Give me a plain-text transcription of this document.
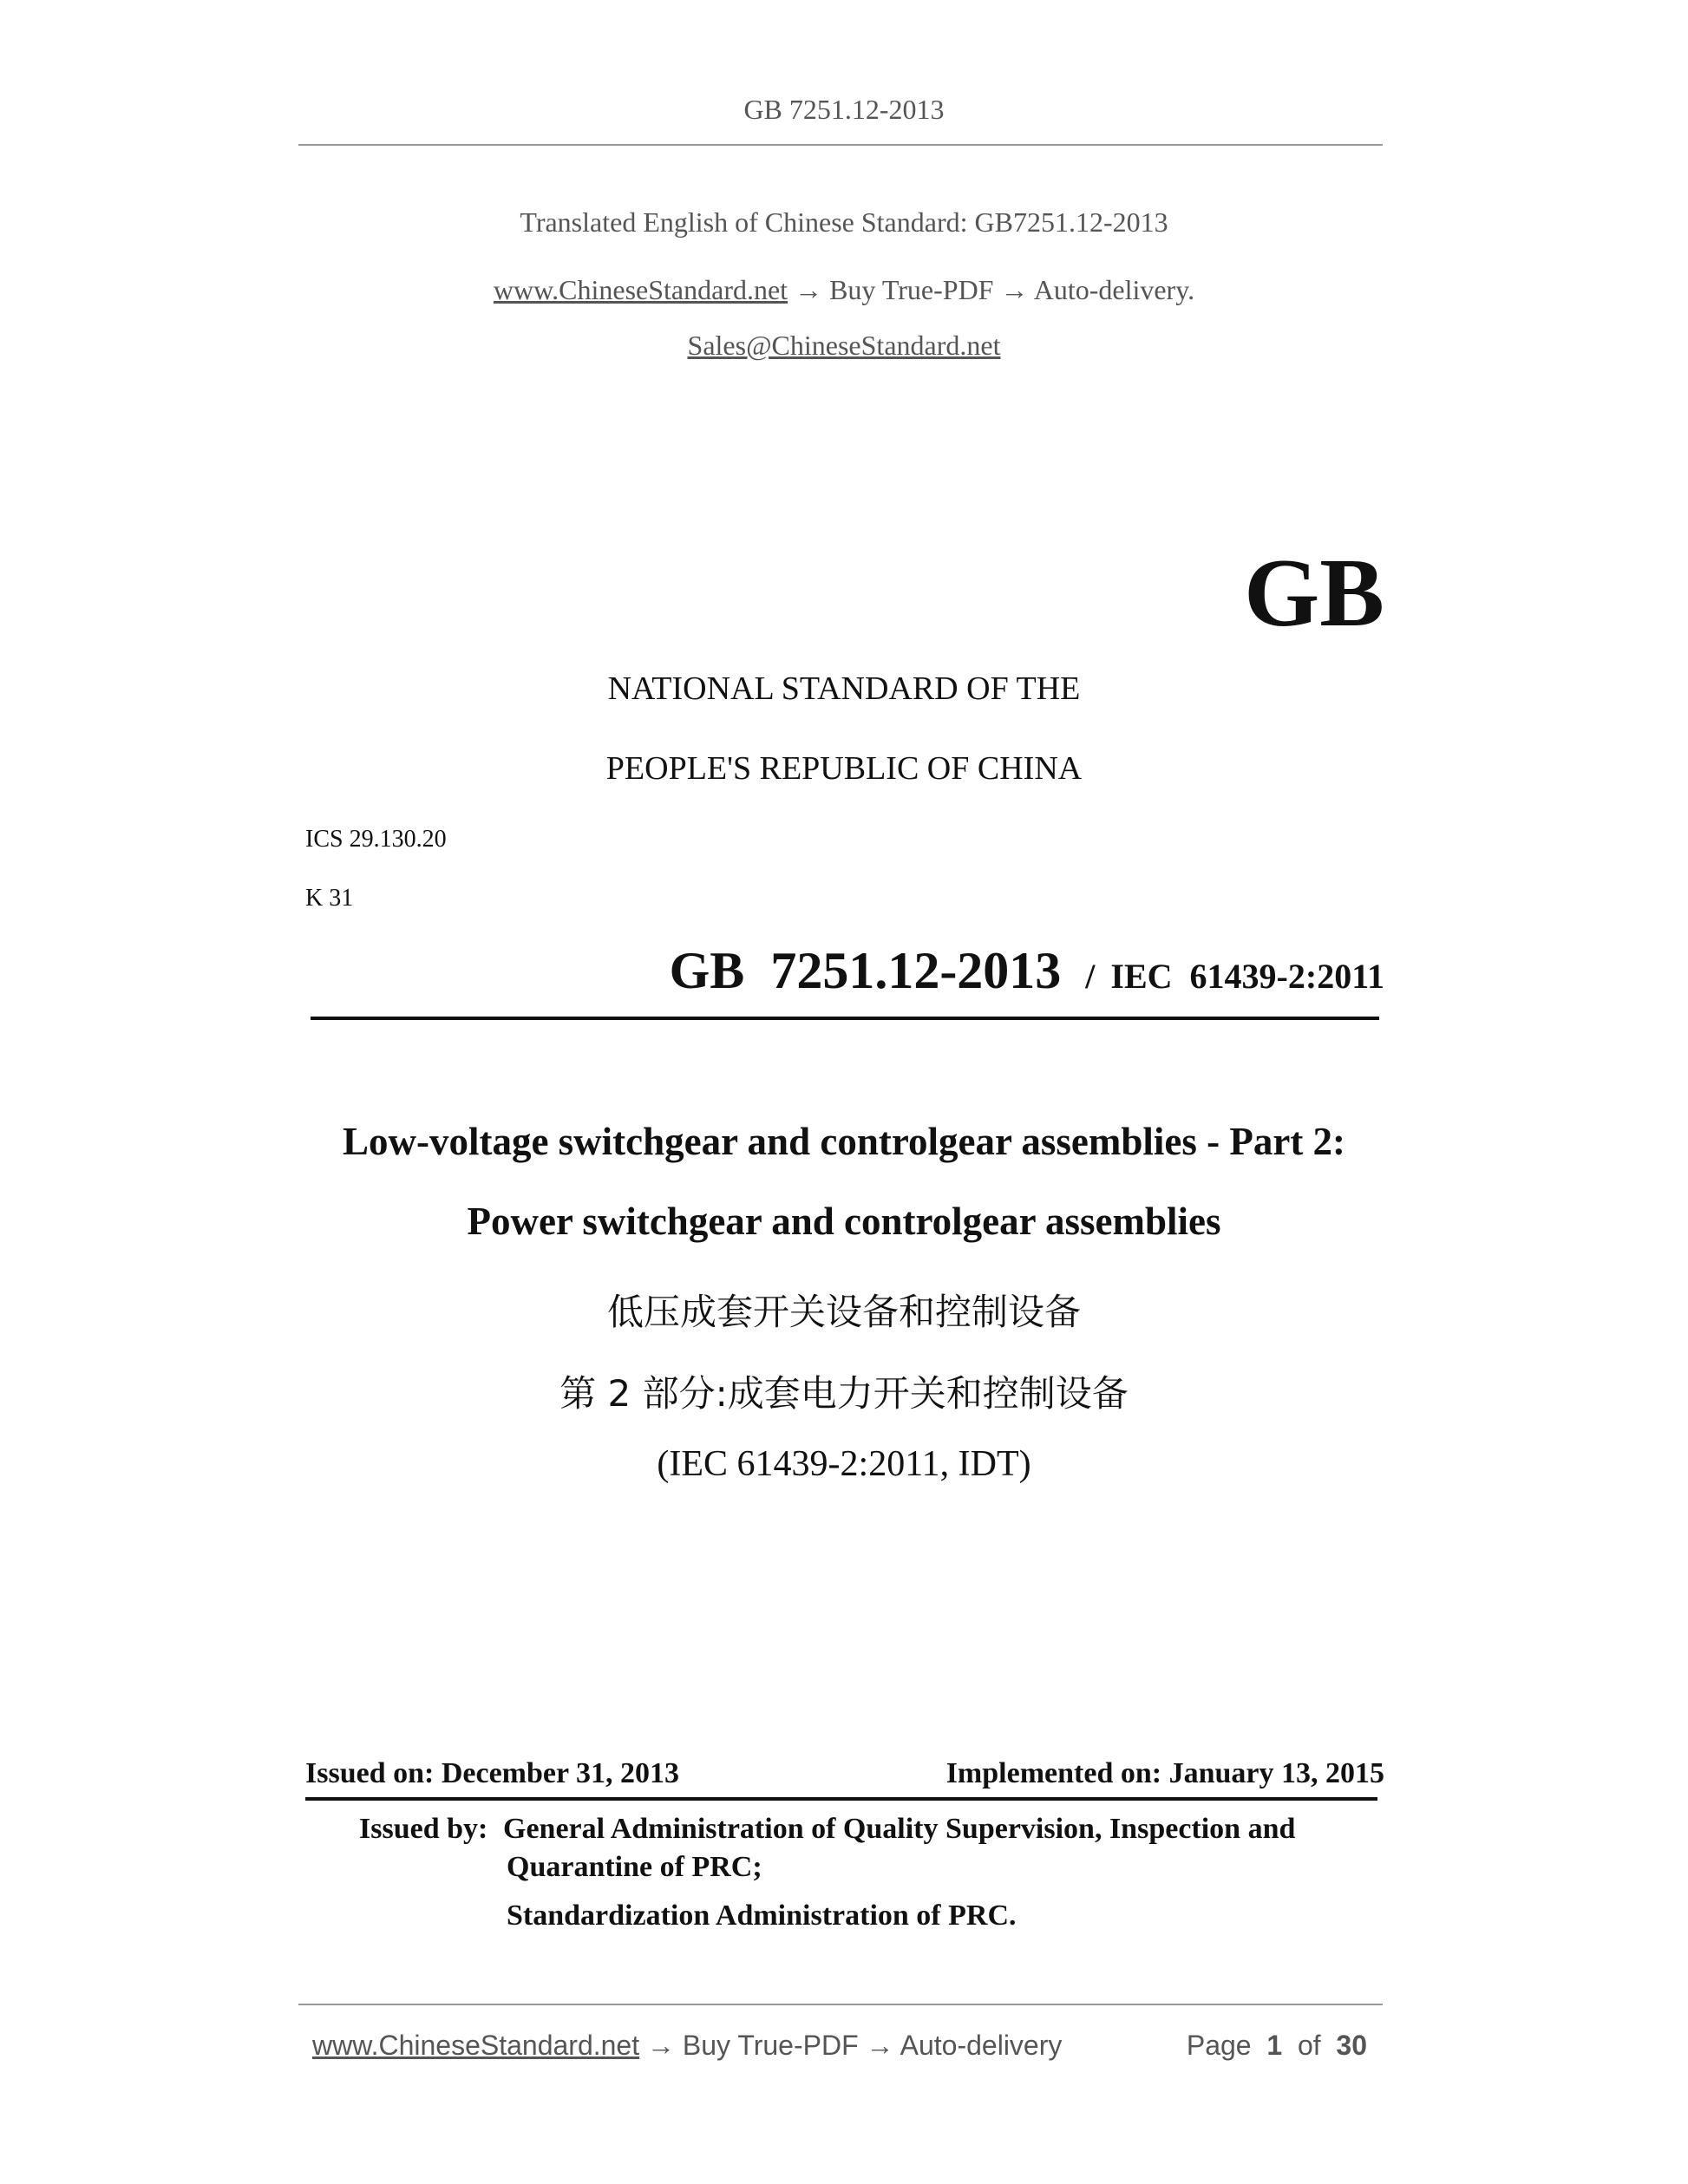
GB 7251.12-2013
Translated English of Chinese Standard: GB7251.12-2013
www.ChineseStandard.net → Buy True-PDF → Auto-delivery.
Sales@ChineseStandard.net
GB
NATIONAL STANDARD OF THE
PEOPLE'S REPUBLIC OF CHINA
ICS 29.130.20
K 31
GB  7251.12-2013 / IEC  61439-2:2011
Low-voltage switchgear and controlgear assemblies - Part 2:
Power switchgear and controlgear assemblies
低压成套开关设备和控制设备
第 2 部分:成套电力开关和控制设备
(IEC 61439-2:2011, IDT)
Issued on: December 31, 2013	Implemented on: January 13, 2015
Issued by: General Administration of Quality Supervision, Inspection and
Quarantine of PRC;
Standardization Administration of PRC.
www.ChineseStandard.net → Buy True-PDF → Auto-delivery	Page 1 of 30
